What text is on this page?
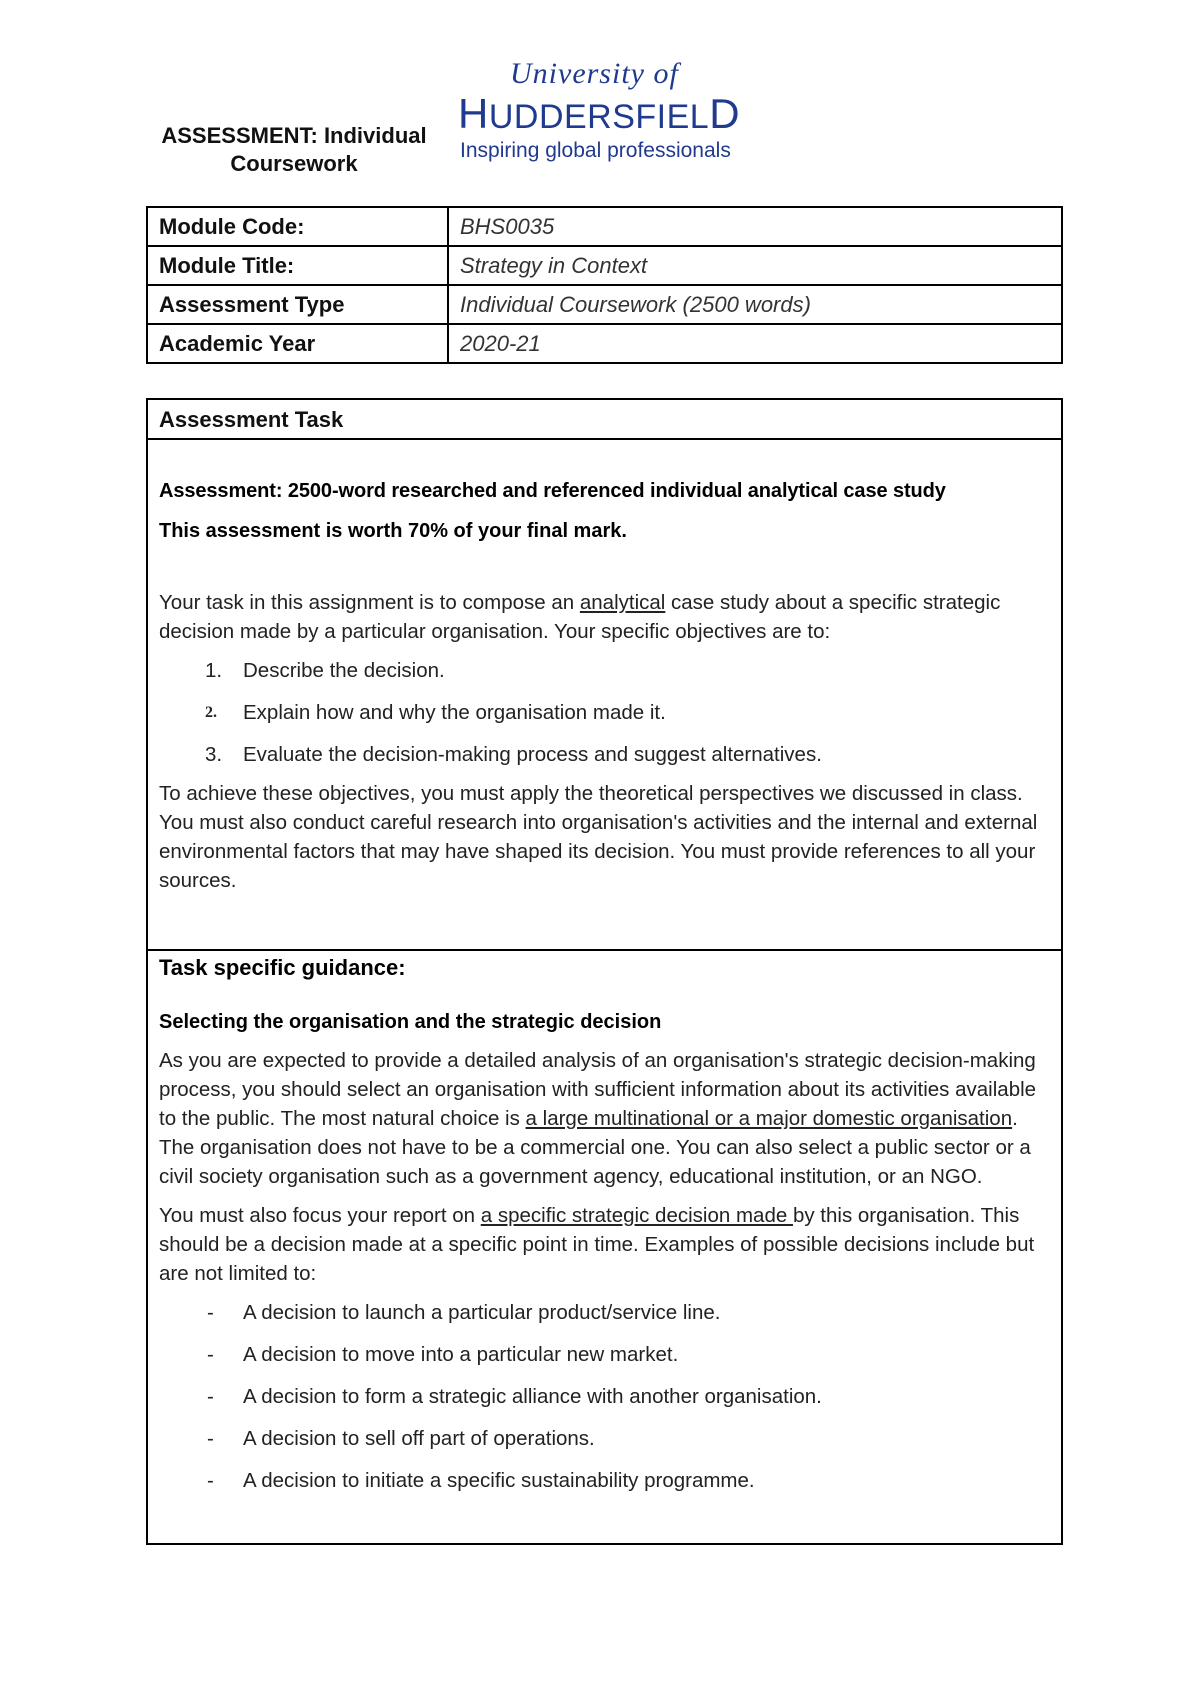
ASSESSMENT: Individual
Coursework
University of
HUDDERSFIELD
Inspiring global professionals
Module Code:	BHS0035
Module Title:	Strategy in Context
Assessment Type	Individual Coursework (2500 words)
Academic Year	2020-21
Assessment Task

Assessment: 2500-word researched and referenced individual analytical case study

This assessment is worth 70% of your final mark.

Your task in this assignment is to compose an analytical case study about a specific strategic decision made by a particular organisation. Your specific objectives are to:

1. Describe the decision.
2. Explain how and why the organisation made it.
3. Evaluate the decision-making process and suggest alternatives.

To achieve these objectives, you must apply the theoretical perspectives we discussed in class. You must also conduct careful research into organisation's activities and the internal and external environmental factors that may have shaped its decision. You must provide references to all your sources.

Task specific guidance:

Selecting the organisation and the strategic decision

As you are expected to provide a detailed analysis of an organisation's strategic decision-making process, you should select an organisation with sufficient information about its activities available to the public. The most natural choice is a large multinational or a major domestic organisation. The organisation does not have to be a commercial one. You can also select a public sector or a civil society organisation such as a government agency, educational institution, or an NGO.

You must also focus your report on a specific strategic decision made by this organisation. This should be a decision made at a specific point in time. Examples of possible decisions include but are not limited to:

- A decision to launch a particular product/service line.
- A decision to move into a particular new market.
- A decision to form a strategic alliance with another organisation.
- A decision to sell off part of operations.
- A decision to initiate a specific sustainability programme.
